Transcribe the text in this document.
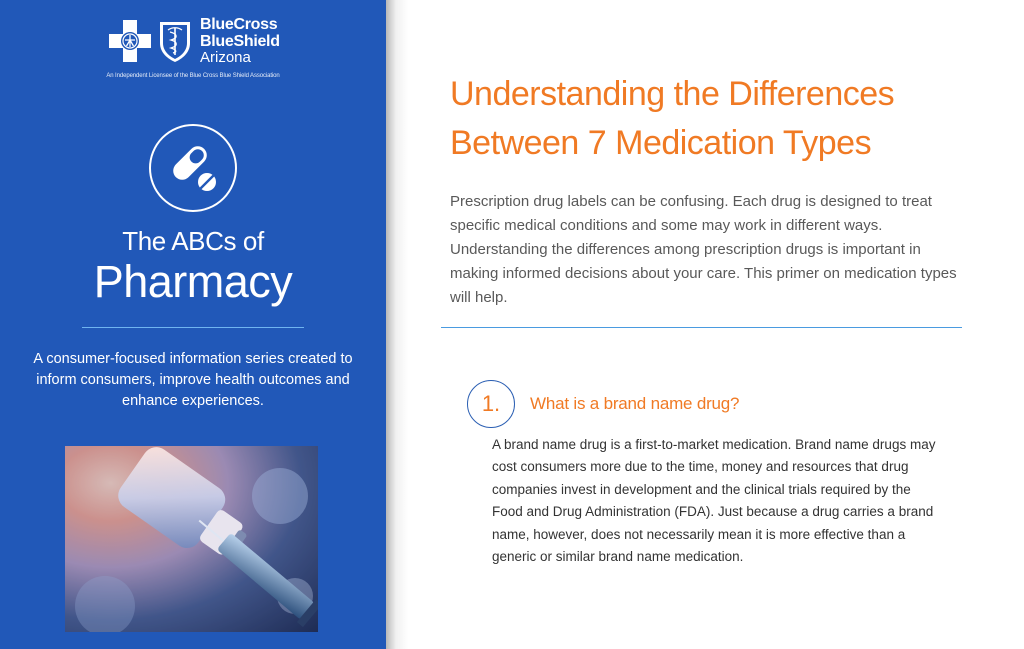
BlueCross
BlueShield
Arizona
An Independent Licensee of the Blue Cross Blue Shield Association
The ABCs of
Pharmacy
A consumer-focused information series created to inform consumers, improve health outcomes and enhance experiences.
Understanding the Differences Between 7 Medication Types
Prescription drug labels can be confusing. Each drug is designed to treat specific medical conditions and some may work in different ways. Understanding the differences among prescription drugs is important in making informed decisions about your care. This primer on medication types will help.
1. What is a brand name drug?
A brand name drug is a first-to-market medication. Brand name drugs may cost consumers more due to the time, money and resources that drug companies invest in development and the clinical trials required by the Food and Drug Administration (FDA). Just because a drug carries a brand name, however, does not necessarily mean it is more effective than a generic or similar brand name medication.
